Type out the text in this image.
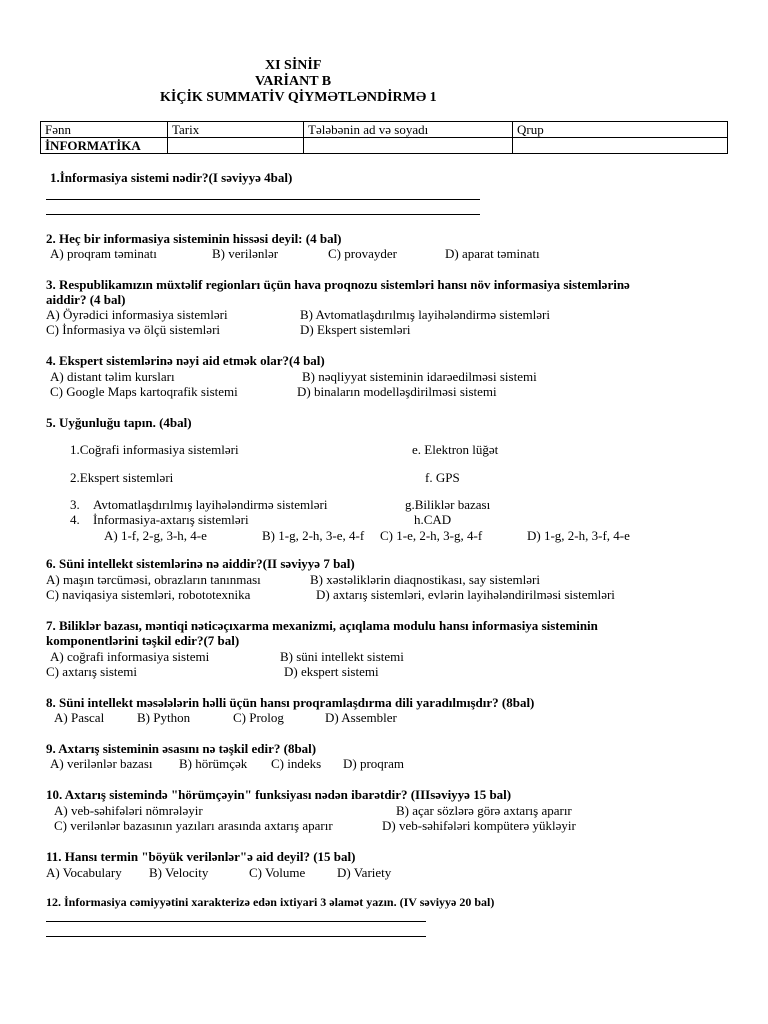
XI SİNİF
VARİANT B
KİÇİK SUMMATİV QİYMƏTLƏNDİRMƏ 1
Fənn	Tarix	Tələbənin ad və soyadı	Qrup
İNFORMATİKA			
1.İnformasiya sistemi nədir?(I səviyyə 4bal)
2. Heç bir informasiya sisteminin hissəsi deyil: (4 bal)
A) proqram təminatı	B) verilənlər	C) provayder	D) aparat təminatı
3. Respublikamızın müxtəlif regionları üçün hava proqnozu sistemləri hansı növ informasiya sistemlərinə
aiddir? (4 bal)
A) Öyrədici informasiya sistemləri	B) Avtomatlaşdırılmış layihələndirmə sistemləri
C) İnformasiya və ölçü sistemləri	D) Ekspert sistemləri
4. Ekspert sistemlərinə nəyi aid etmək olar?(4 bal)
A) distant təlim kursları	B) nəqliyyat sisteminin idarəedilməsi sistemi
C) Google Maps kartoqrafik sistemi	D) binaların modelləşdirilməsi sistemi
5. Uyğunluğu tapın. (4bal)
1.Coğrafi informasiya sistemləri	e. Elektron lüğət
2.Ekspert sistemləri	f. GPS
3. Avtomatlaşdırılmış layihələndirmə sistemləri	g.Biliklər bazası
4. İnformasiya-axtarış sistemləri	h.CAD
A) 1-f, 2-g, 3-h, 4-e	B) 1-g, 2-h, 3-e, 4-f C) 1-e, 2-h, 3-g, 4-f	D) 1-g, 2-h, 3-f, 4-e
6. Süni intellekt sistemlərinə nə aiddir?(II səviyyə 7 bal)
A) maşın tərcüməsi, obrazların tanınması	B) xəstəliklərin diaqnostikası, say sistemləri
C) naviqasiya sistemləri, robototexnika	D) axtarış sistemləri, evlərin layihələndirilməsi sistemləri
7. Biliklər bazası, məntiqi nəticəçıxarma mexanizmi, açıqlama modulu hansı informasiya sisteminin
komponentlərini təşkil edir?(7 bal)
A) coğrafi informasiya sistemi	B) süni intellekt sistemi
C) axtarış sistemi	D) ekspert sistemi
8. Süni intellekt məsələlərin həlli üçün hansı proqramlaşdırma dili yaradılmışdır? (8bal)
A) Pascal	B) Python	C) Prolog	D) Assembler
9. Axtarış sisteminin əsasını nə təşkil edir? (8bal)
A) verilənlər bazası B) hörümçək C) indeks D) proqram
10. Axtarış sistemində "hörümçəyin" funksiyası nədən ibarətdir? (IIIsəviyyə 15 bal)
A) veb-səhifələri nömrələyir	B) açar sözlərə görə axtarış aparır
C) verilənlər bazasının yazıları arasında axtarış aparır	D) veb-səhifələri kompüterə yükləyir
11. Hansı termin "böyük verilənlər"ə aid deyil? (15 bal)
A) Vocabulary B) Velocity	C) Volume D) Variety
12. İnformasiya cəmiyyətini xarakterizə edən ixtiyari 3 əlamət yazın. (IV səviyyə 20 bal)
